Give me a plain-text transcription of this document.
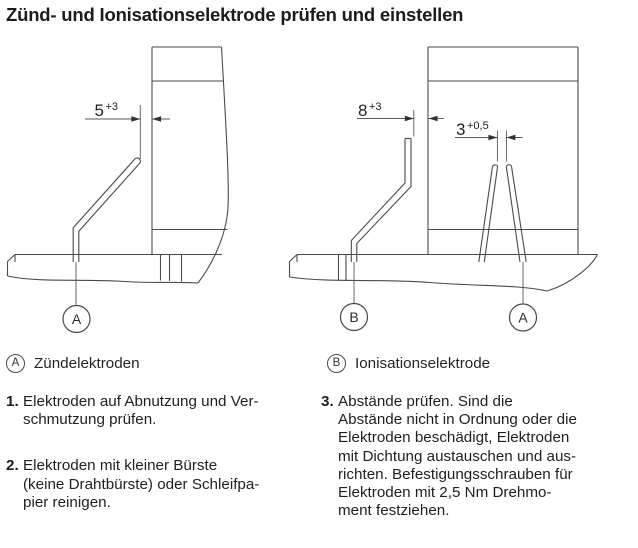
Zünd- und Ionisationselektrode prüfen und einstellen
5 +3
A
8 +3
3 +0,5
B	A
A Zündelektroden	B Ionisationselektrode
1. Elektroden auf Abnutzung und Ver-
schmutzung prüfen.
2. Elektroden mit kleiner Bürste
(keine Drahtbürste) oder Schleifpa-
pier reinigen.
3. Abstände prüfen. Sind die
Abstände nicht in Ordnung oder die
Elektroden beschädigt, Elektroden
mit Dichtung austauschen und aus-
richten. Befestigungsschrauben für
Elektroden mit 2,5 Nm Drehmo-
ment festziehen.
